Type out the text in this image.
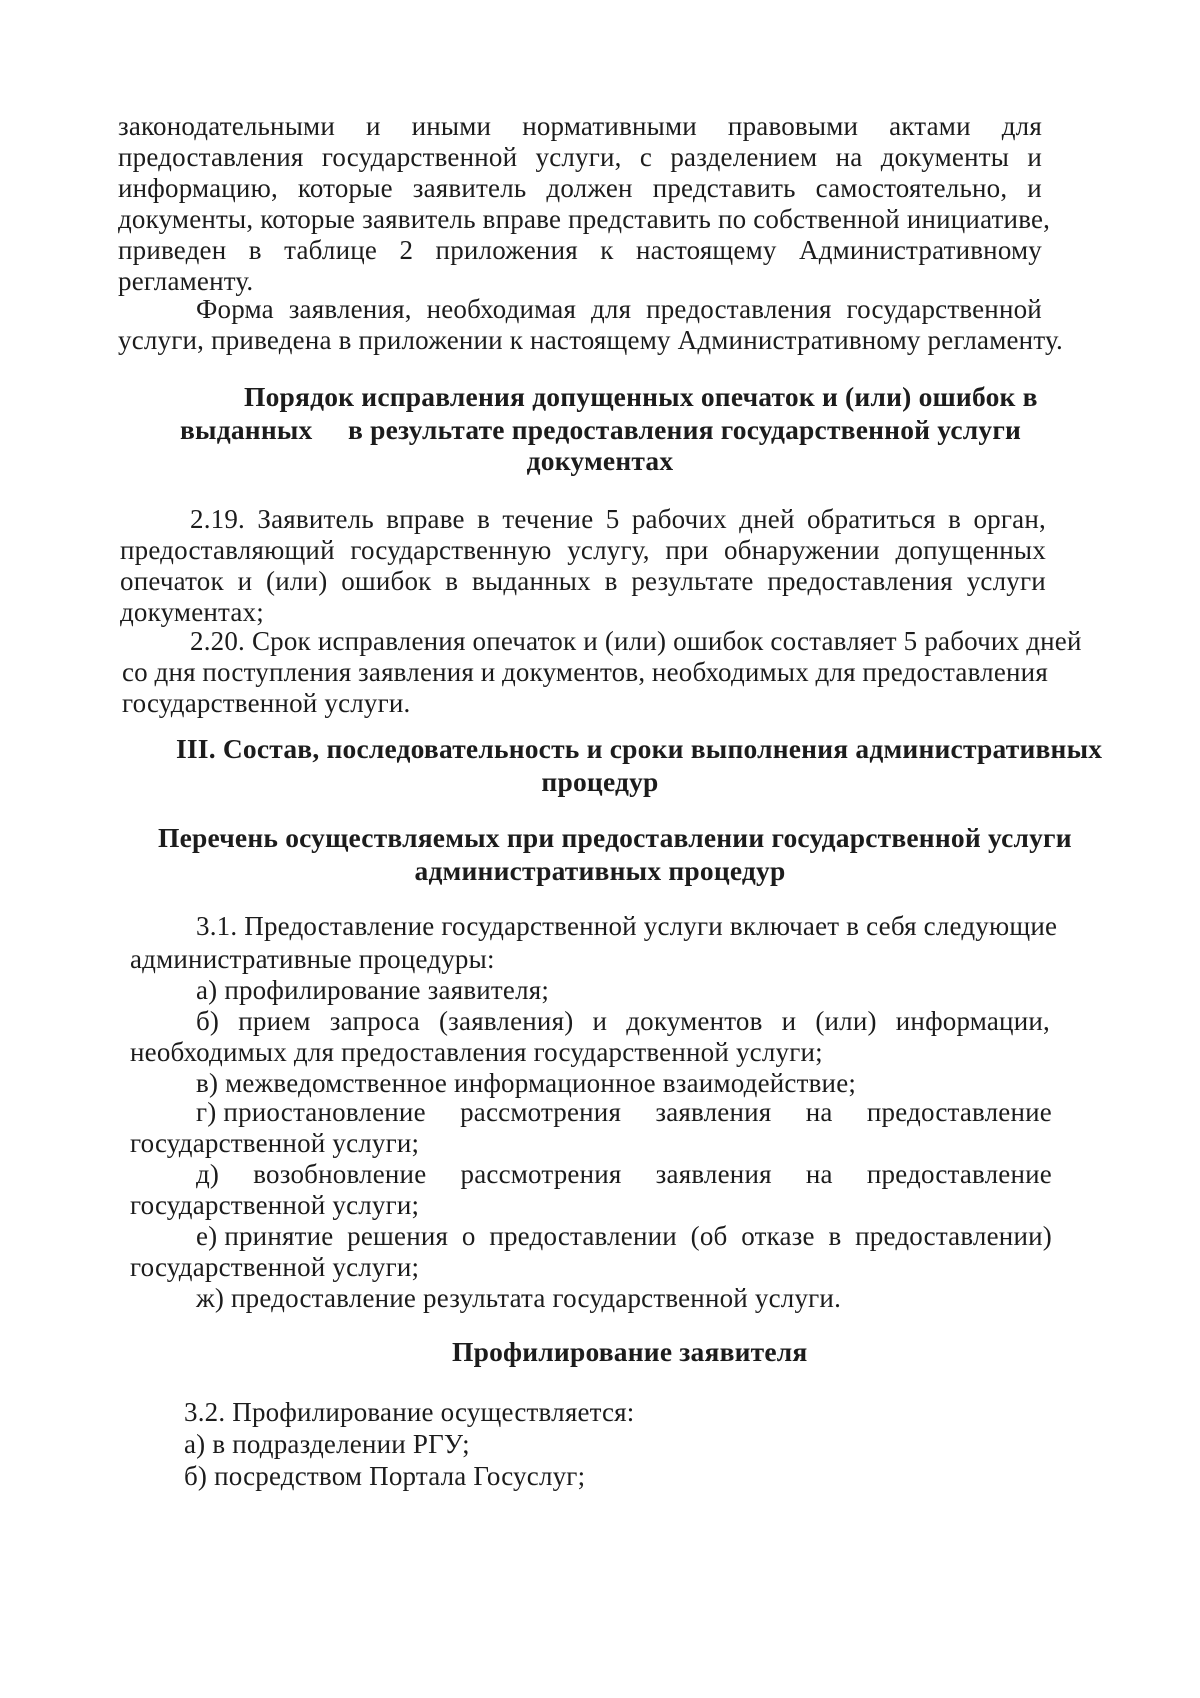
законодательными и иными нормативными правовыми актами для
предоставления государственной услуги, с разделением на документы и
информацию, которые заявитель должен представить самостоятельно, и
документы, которые заявитель вправе представить по собственной инициативе,
приведен в таблице 2 приложения к настоящему Административному
регламенту.
Форма заявления, необходимая для предоставления государственной
услуги, приведена в приложении к настоящему Административному регламенту.
Порядок исправления допущенных опечаток и (или) ошибок в
выданных в результате предоставления государственной услуги
документах
2.19. Заявитель вправе в течение 5 рабочих дней обратиться в орган,
предоставляющий государственную услугу, при обнаружении допущенных
опечаток и (или) ошибок в выданных в результате предоставления услуги
документах;
2.20. Срок исправления опечаток и (или) ошибок составляет 5 рабочих дней
со дня поступления заявления и документов, необходимых для предоставления
государственной услуги.
III. Состав, последовательность и сроки выполнения административных
процедур
Перечень осуществляемых при предоставлении государственной услуги
административных процедур
3.1. Предоставление государственной услуги включает в себя следующие
административные процедуры:
а) профилирование заявителя;
б) прием запроса (заявления) и документов и (или) информации,
необходимых для предоставления государственной услуги;
в) межведомственное информационное взаимодействие;
г) приостановление рассмотрения заявления на предоставление
государственной услуги;
д) возобновление рассмотрения заявления на предоставление
государственной услуги;
е) принятие решения о предоставлении (об отказе в предоставлении)
государственной услуги;
ж) предоставление результата государственной услуги.
Профилирование заявителя
3.2. Профилирование осуществляется:
а) в подразделении РГУ;
б) посредством Портала Госуслуг;
